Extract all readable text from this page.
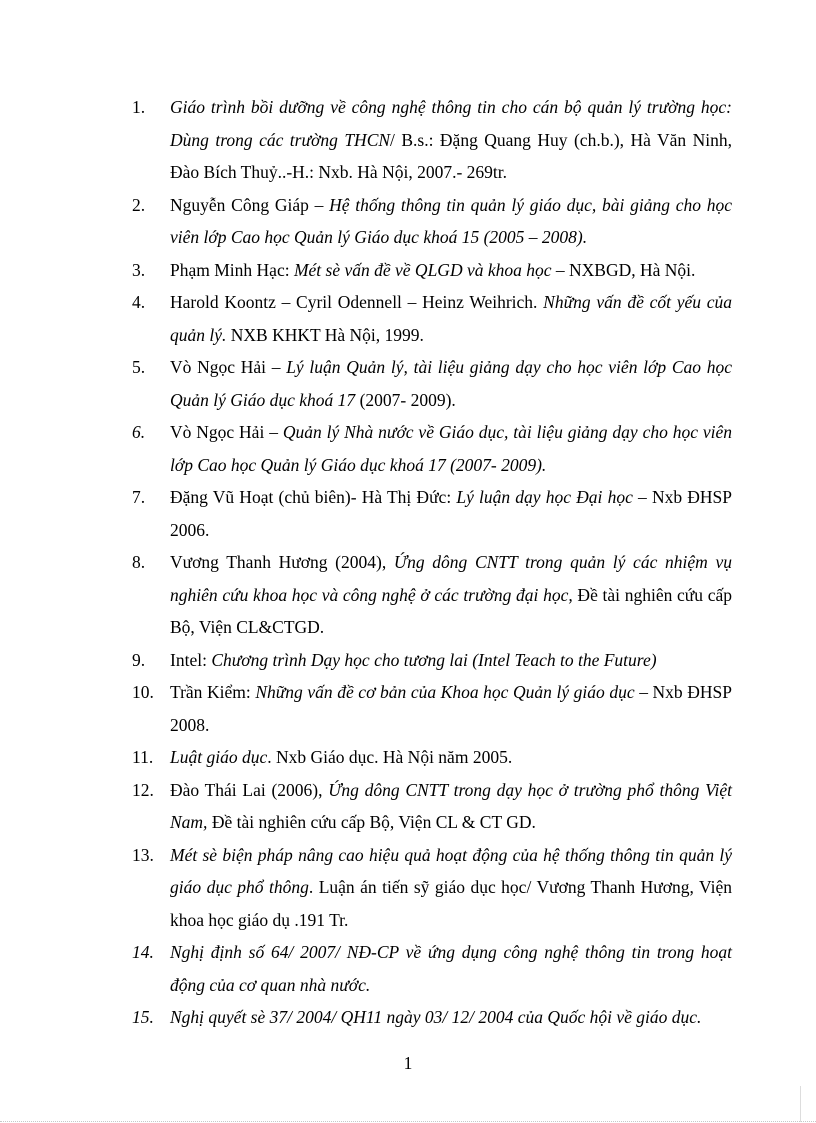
1.	Giáo trình bồi dưỡng về công nghệ thông tin cho cán bộ quản lý trường học: Dùng trong các trường THCN/ B.s.: Đặng Quang Huy (ch.b.), Hà Văn Ninh, Đào Bích Thuỷ..-H.: Nxb. Hà Nội, 2007.- 269tr.
2.	Nguyễn Công Giáp – Hệ thống thông tin quản lý giáo dục, bài giảng cho học viên lớp Cao học Quản lý Giáo dục khoá 15 (2005 – 2008).
3.	Phạm Minh Hạc: Mét sè vấn đề về QLGD và khoa học – NXBGD, Hà Nội.
4.	Harold Koontz – Cyril Odennell – Heinz Weihrich. Những vấn đề cốt yếu của quản lý. NXB KHKT Hà Nội, 1999.
5.	Vò Ngọc Hải – Lý luận Quản lý, tài liệu giảng dạy cho học viên lớp Cao học Quản lý Giáo dục khoá 17 (2007- 2009).
6.	Vò Ngọc Hải – Quản lý Nhà nước về Giáo dục, tài liệu giảng dạy cho học viên lớp Cao học Quản lý Giáo dục khoá 17 (2007- 2009).
7.	Đặng Vũ Hoạt (chủ biên)- Hà Thị Đức: Lý luận dạy học Đại học – Nxb ĐHSP 2006.
8.	Vương Thanh Hương (2004), Ứng dông CNTT trong quản lý các nhiệm vụ nghiên cứu khoa học và công nghệ ở các trường đại học, Đề tài nghiên cứu cấp Bộ, Viện CL&CTGD.
9.	Intel: Chương trình Dạy học cho tương lai (Intel Teach to the Future)
10. Trần Kiểm: Những vấn đề cơ bản của Khoa học Quản lý giáo dục – Nxb ĐHSP 2008.
11. Luật giáo dục. Nxb Giáo dục. Hà Nội năm 2005.
12. Đào Thái Lai (2006), Ứng dông CNTT trong dạy học ở trường phổ thông Việt Nam, Đề tài nghiên cứu cấp Bộ, Viện CL & CT GD.
13. Mét sè biện pháp nâng cao hiệu quả hoạt động của hệ thống thông tin quản lý giáo dục phổ thông. Luận án tiến sỹ giáo dục học/ Vương Thanh Hương, Viện khoa học giáo dụ .191 Tr.
14. Nghị định số 64/ 2007/ NĐ-CP về ứng dụng công nghệ thông tin trong hoạt động của cơ quan nhà nước.
15. Nghị quyết sè 37/ 2004/ QH11 ngày 03/ 12/ 2004 của Quốc hội về giáo dục.
1
